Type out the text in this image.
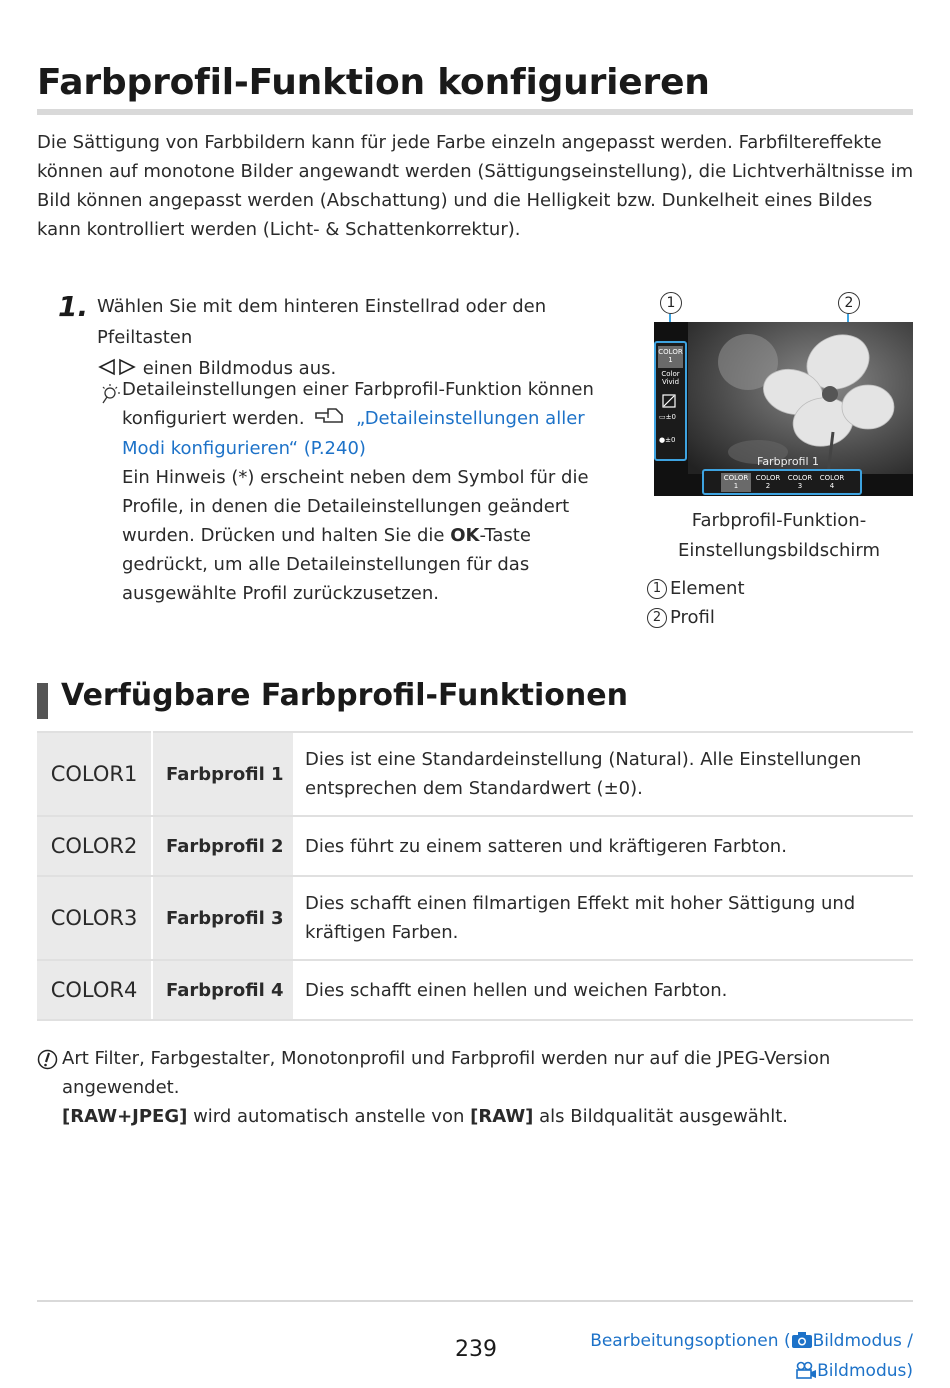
Farbprofil-Funktion konfigurieren
Die Sättigung von Farbbildern kann für jede Farbe einzeln angepasst werden. Farbfiltereffekte können auf monotone Bilder angewandt werden (Sättigungseinstellung), die Lichtverhältnisse im Bild können angepasst werden (Abschattung) und die Helligkeit bzw. Dunkelheit eines Bildes kann kontrolliert werden (Licht- & Schattenkorrektur).
1. Wählen Sie mit dem hinteren Einstellrad oder den Pfeiltasten
einen Bildmodus aus.
Detaileinstellungen einer Farbprofil-Funktion können konfiguriert werden.	„Detaileinstellungen aller Modi konfigurieren“ (P.240)
Ein Hinweis (*) erscheint neben dem Symbol für die Profile, in denen die Detaileinstellungen geändert wurden. Drücken und halten Sie die OK-Taste gedrückt, um alle Detaileinstellungen für das ausgewählte Profil zurückzusetzen.
COLOR 1
Color Vivid
▭±0
●±0
Farbprofil 1
COLOR
1
COLOR
2
COLOR
3
COLOR
4
1	2
Farbprofil-Funktion-
Einstellungsbildschirm
1 Element
2 Profil
Verfügbare Farbprofil-Funktionen
COLOR1	Farbprofil 1	Dies ist eine Standardeinstellung (Natural). Alle Einstellungen entsprechen dem Standardwert (±0).
COLOR2	Farbprofil 2	Dies führt zu einem satteren und kräftigeren Farbton.
COLOR3	Farbprofil 3	Dies schafft einen filmartigen Effekt mit hoher Sättigung und kräftigen Farben.
COLOR4	Farbprofil 4	Dies schafft einen hellen und weichen Farbton.
Art Filter, Farbgestalter, Monotonprofil und Farbprofil werden nur auf die JPEG-Version angewendet.
[RAW+JPEG] wird automatisch anstelle von [RAW] als Bildqualität ausgewählt.
239	Bearbeitungsoptionen ( Bildmodus /
Bildmodus)
